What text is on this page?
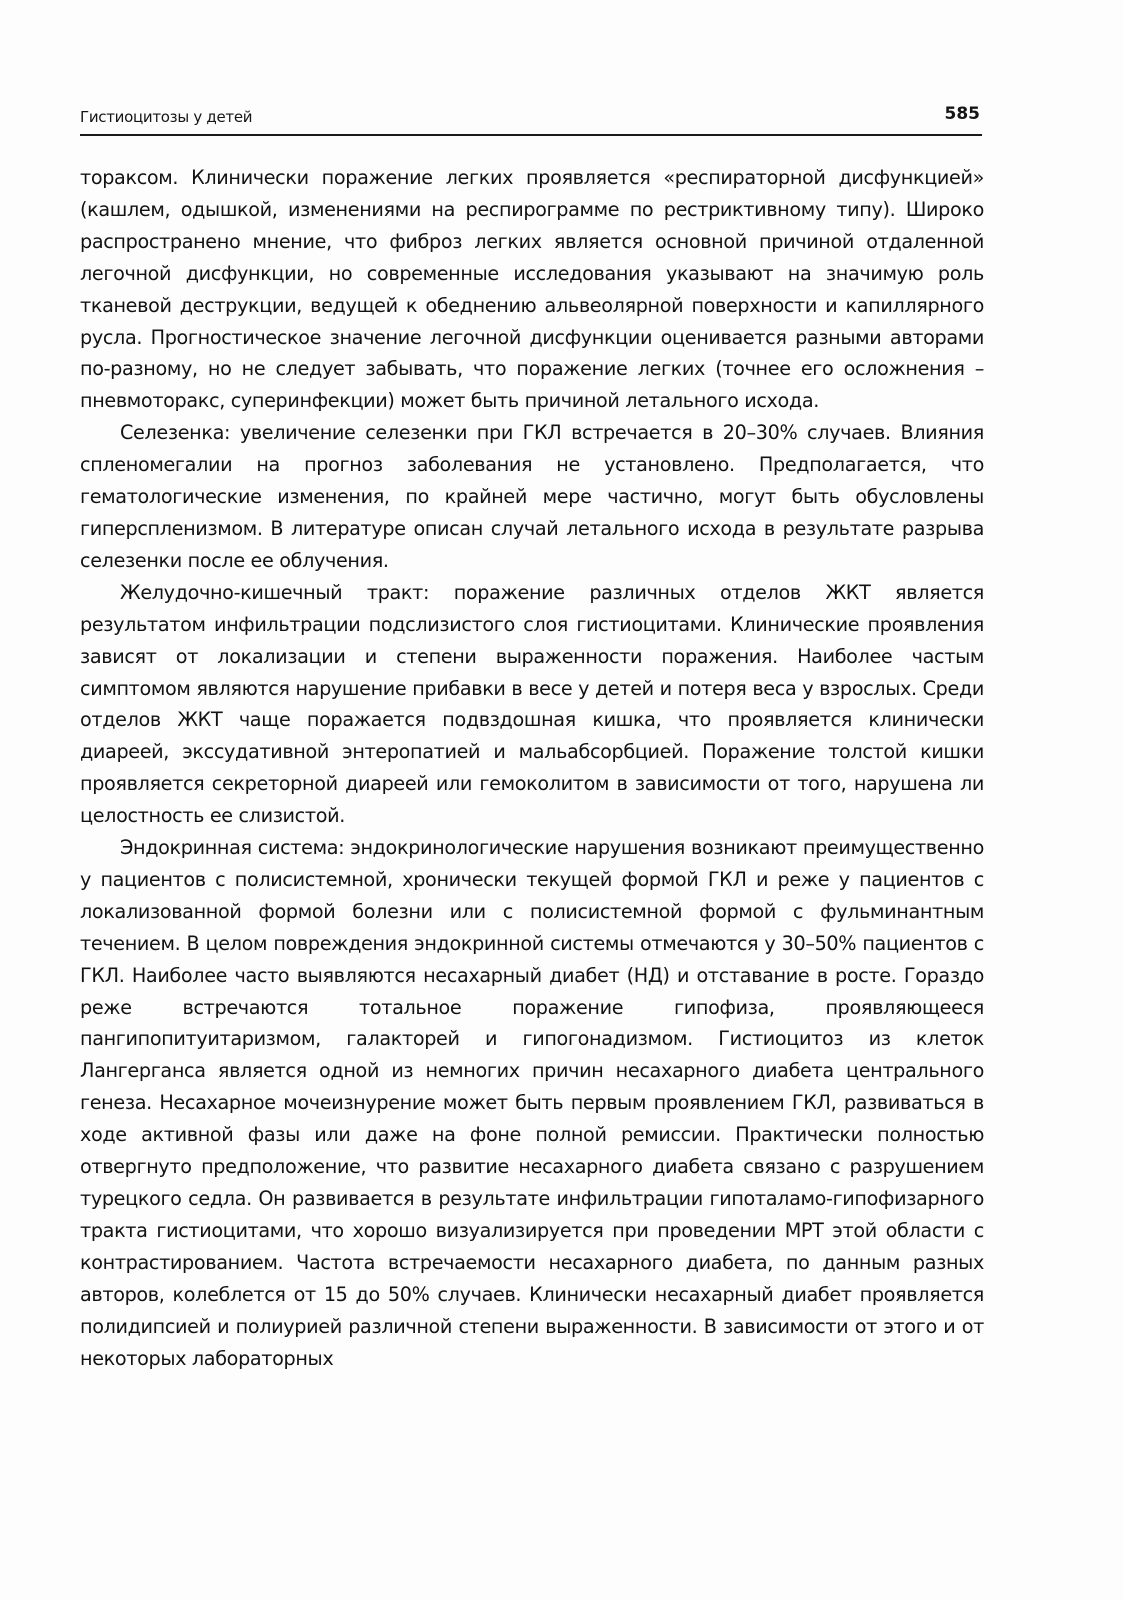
Гистиоцитозы у детей	585

тораксом. Клинически поражение легких проявляется «респираторной дисфункцией» (кашлем, одышкой, изменениями на респирограмме по рестриктивному типу). Широко распространено мнение, что фиброз легких является основной причиной отдаленной легочной дисфункции, но современные исследования указывают на значимую роль тканевой деструкции, ведущей к обеднению альвеолярной поверхности и капиллярного русла. Прогностическое значение легочной дисфункции оценивается разными авторами по-разному, но не следует забывать, что поражение легких (точнее его осложнения – пневмоторакс, суперинфекции) может быть причиной летального исхода.

Селезенка: увеличение селезенки при ГКЛ встречается в 20–30% случаев. Влияния спленомегалии на прогноз заболевания не установлено. Предполагается, что гематологические изменения, по крайней мере частично, могут быть обусловлены гиперспленизмом. В литературе описан случай летального исхода в результате разрыва селезенки после ее облучения.

Желудочно-кишечный тракт: поражение различных отделов ЖКТ является результатом инфильтрации подслизистого слоя гистиоцитами. Клинические проявления зависят от локализации и степени выраженности поражения. Наиболее частым симптомом являются нарушение прибавки в весе у детей и потеря веса у взрослых. Среди отделов ЖКТ чаще поражается подвздошная кишка, что проявляется клинически диареей, экссудативной энтеропатией и мальабсорбцией. Поражение толстой кишки проявляется секреторной диареей или гемоколитом в зависимости от того, нарушена ли целостность ее слизистой.

Эндокринная система: эндокринологические нарушения возникают преимущественно у пациентов с полисистемной, хронически текущей формой ГКЛ и реже у пациентов с локализованной формой болезни или с полисистемной формой с фульминантным течением. В целом повреждения эндокринной системы отмечаются у 30–50% пациентов с ГКЛ. Наиболее часто выявляются несахарный диабет (НД) и отставание в росте. Гораздо реже встречаются тотальное поражение гипофиза, проявляющееся пангипопитуитаризмом, галакторей и гипогонадизмом. Гистиоцитоз из клеток Лангерганса является одной из немногих причин несахарного диабета центрального генеза. Несахарное мочеизнурение может быть первым проявлением ГКЛ, развиваться в ходе активной фазы или даже на фоне полной ремиссии. Практически полностью отвергнуто предположение, что развитие несахарного диабета связано с разрушением турецкого седла. Он развивается в результате инфильтрации гипоталамо-гипофизарного тракта гистиоцитами, что хорошо визуализируется при проведении МРТ этой области с контрастированием. Частота встречаемости несахарного диабета, по данным разных авторов, колеблется от 15 до 50% случаев. Клинически несахарный диабет проявляется полидипсией и полиурией различной степени выраженности. В зависимости от этого и от некоторых лабораторных
